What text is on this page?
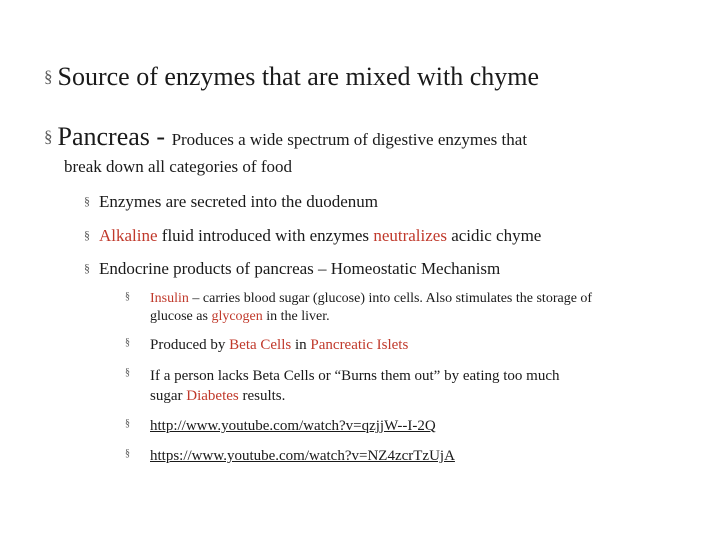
§ Source of enzymes that are mixed with chyme
§ Pancreas - Produces a wide spectrum of digestive enzymes that
break down all categories of food
§ Enzymes are secreted into the duodenum
§ Alkaline fluid introduced with enzymes neutralizes acidic chyme
§ Endocrine products of pancreas – Homeostatic Mechanism
§ Insulin – carries blood sugar (glucose) into cells. Also stimulates the storage of
glucose as glycogen in the liver.
§ Produced by Beta Cells in Pancreatic Islets
§ If a person lacks Beta Cells or “Burns them out” by eating too much
sugar Diabetes results.
§ http://www.youtube.com/watch?v=qzjjW--I-2Q
§ https://www.youtube.com/watch?v=NZ4zcrTzUjA
